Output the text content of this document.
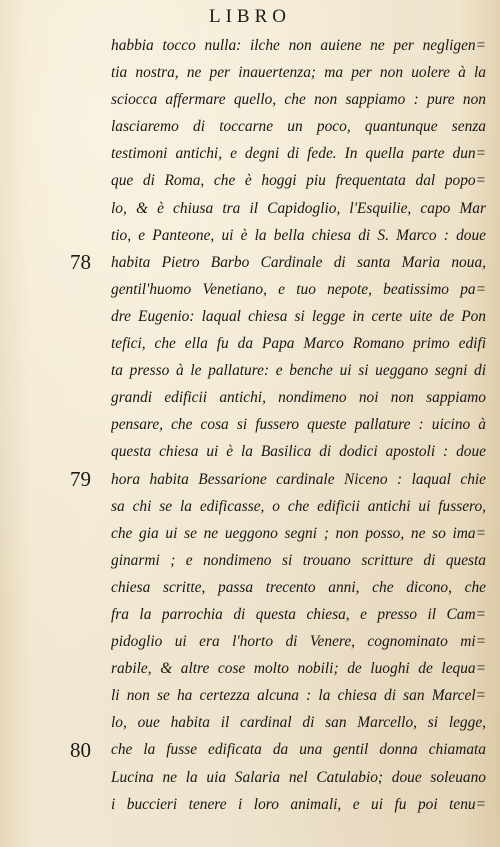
LIBRO
habbia tocco nulla: ilche non auiene ne per negligen=
tia nostra, ne per inauertenza; ma per non uolere à la
sciocca affermare quello, che non sappiamo : pure non
lasciaremo di toccarne un poco, quantunque senza
testimoni antichi, e degni di fede. In quella parte dun=
que di Roma, che è hoggi piu frequentata dal popo=
lo, & è chiusa tra il Capidoglio, l'Esquilie, capo Mar
tio, e Panteone, ui è la bella chiesa di S. Marco : doue
habita Pietro Barbo Cardinale di santa Maria noua,
gentil'huomo Venetiano, e tuo nepote, beatissimo pa=
dre Eugenio: laqual chiesa si legge in certe uite de Pon
tefici, che ella fu da Papa Marco Romano primo edifi
ta presso à le pallature: e benche ui si ueggano segni di
grandi edificii antichi, nondimeno noi non sappiamo
pensare, che cosa si fussero queste pallature : uicino à
questa chiesa ui è la Basilica di dodici apostoli : doue
hora habita Bessarione cardinale Niceno : laqual chie
sa chi se la edificasse, o che edificii antichi ui fussero,
che gia ui se ne ueggono segni ; non posso, ne so ima=
ginarmi ; e nondimeno si trouano scritture di questa
chiesa scritte, passa trecento anni, che dicono, che
fra la parrochia di questa chiesa, e presso il Cam=
pidoglio ui era l'horto di Venere, cognominato mi=
rabile, & altre cose molto nobili; de luoghi de lequa=
li non se ha certezza alcuna : la chiesa di san Marcel=
lo, oue habita il cardinal di san Marcello, si legge,
che la fusse edificata da una gentil donna chiamata
Lucina ne la uia Salaria nel Catulabio; doue soleuano
i buccieri tenere i loro animali, e ui fu poi tenu=
78
79
80
